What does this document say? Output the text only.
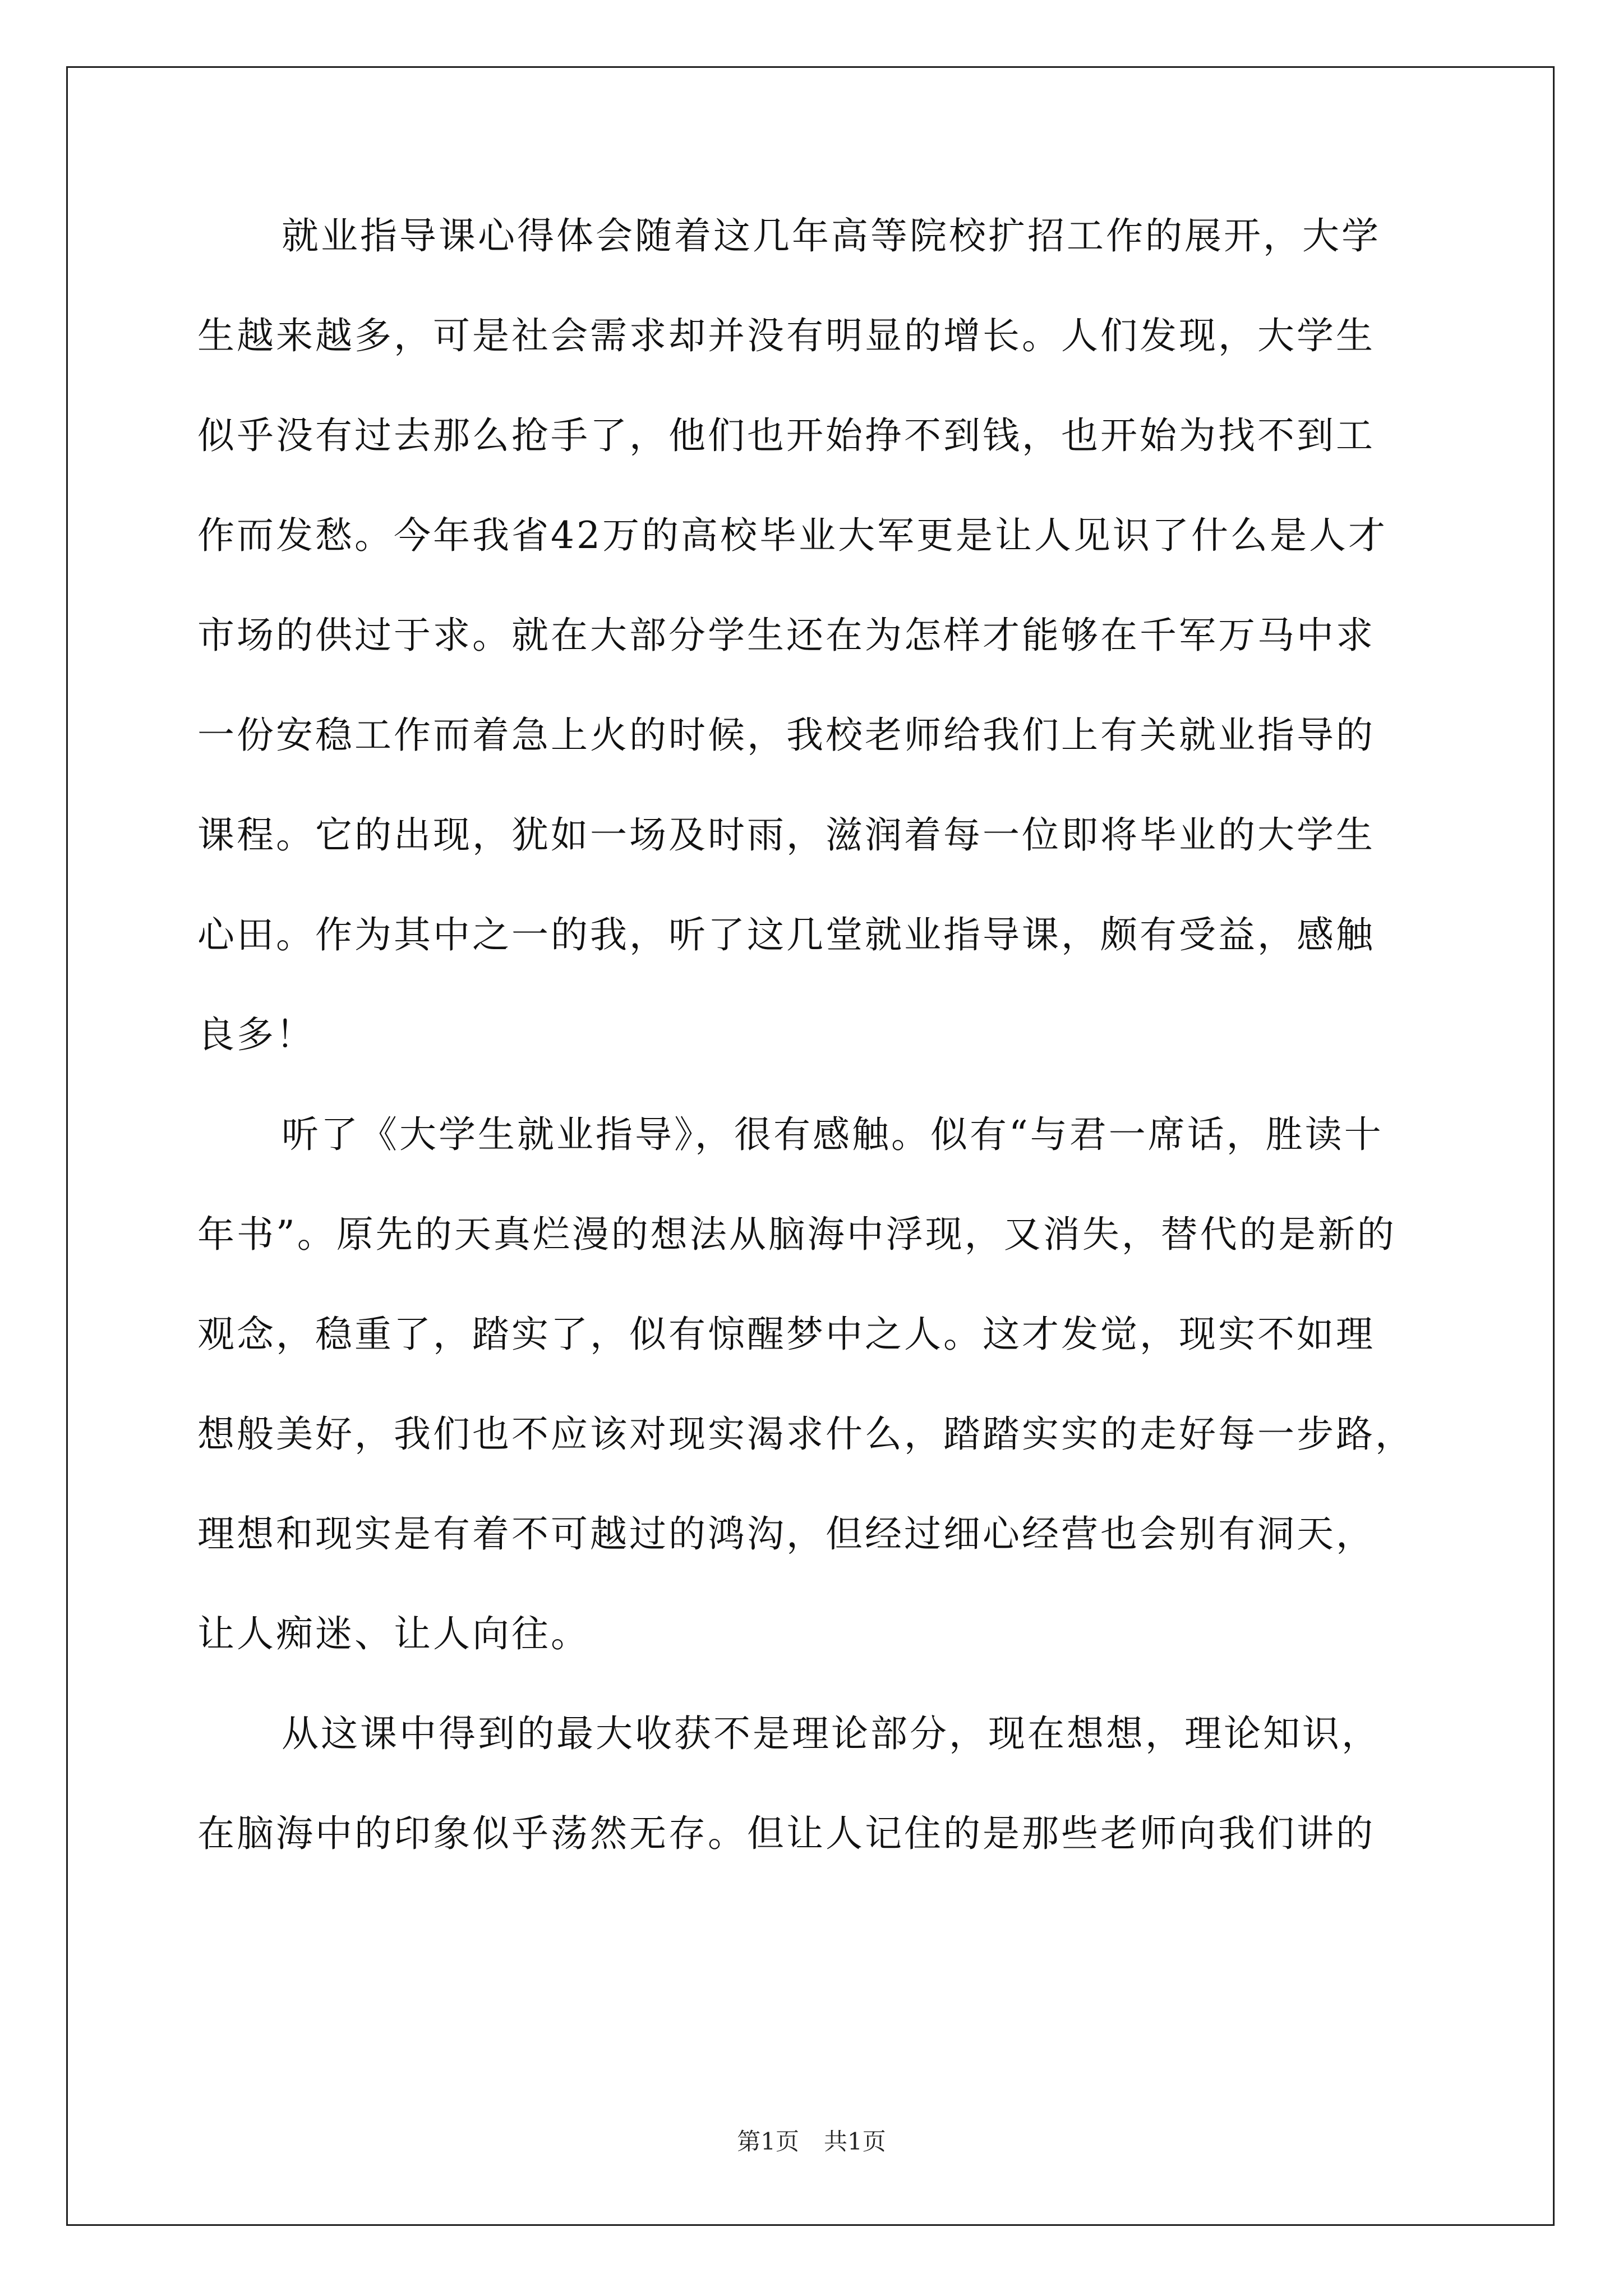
就业指导课心得体会随着这几年高等院校扩招工作的展开，大学
生越来越多，可是社会需求却并没有明显的增长。人们发现，大学生
似乎没有过去那么抢手了，他们也开始挣不到钱，也开始为找不到工
作而发愁。今年我省42万的高校毕业大军更是让人见识了什么是人才
市场的供过于求。就在大部分学生还在为怎样才能够在千军万马中求
一份安稳工作而着急上火的时候，我校老师给我们上有关就业指导的
课程。它的出现，犹如一场及时雨，滋润着每一位即将毕业的大学生
心田。作为其中之一的我，听了这几堂就业指导课，颇有受益，感触
良多！
听了《大学生就业指导》，很有感触。似有“与君一席话，胜读十
年书”。原先的天真烂漫的想法从脑海中浮现，又消失，替代的是新的
观念，稳重了，踏实了，似有惊醒梦中之人。这才发觉，现实不如理
想般美好，我们也不应该对现实渴求什么，踏踏实实的走好每一步路，
理想和现实是有着不可越过的鸿沟，但经过细心经营也会别有洞天，
让人痴迷、让人向往。
从这课中得到的最大收获不是理论部分，现在想想，理论知识，
在脑海中的印象似乎荡然无存。但让人记住的是那些老师向我们讲的
第1页 共1页
